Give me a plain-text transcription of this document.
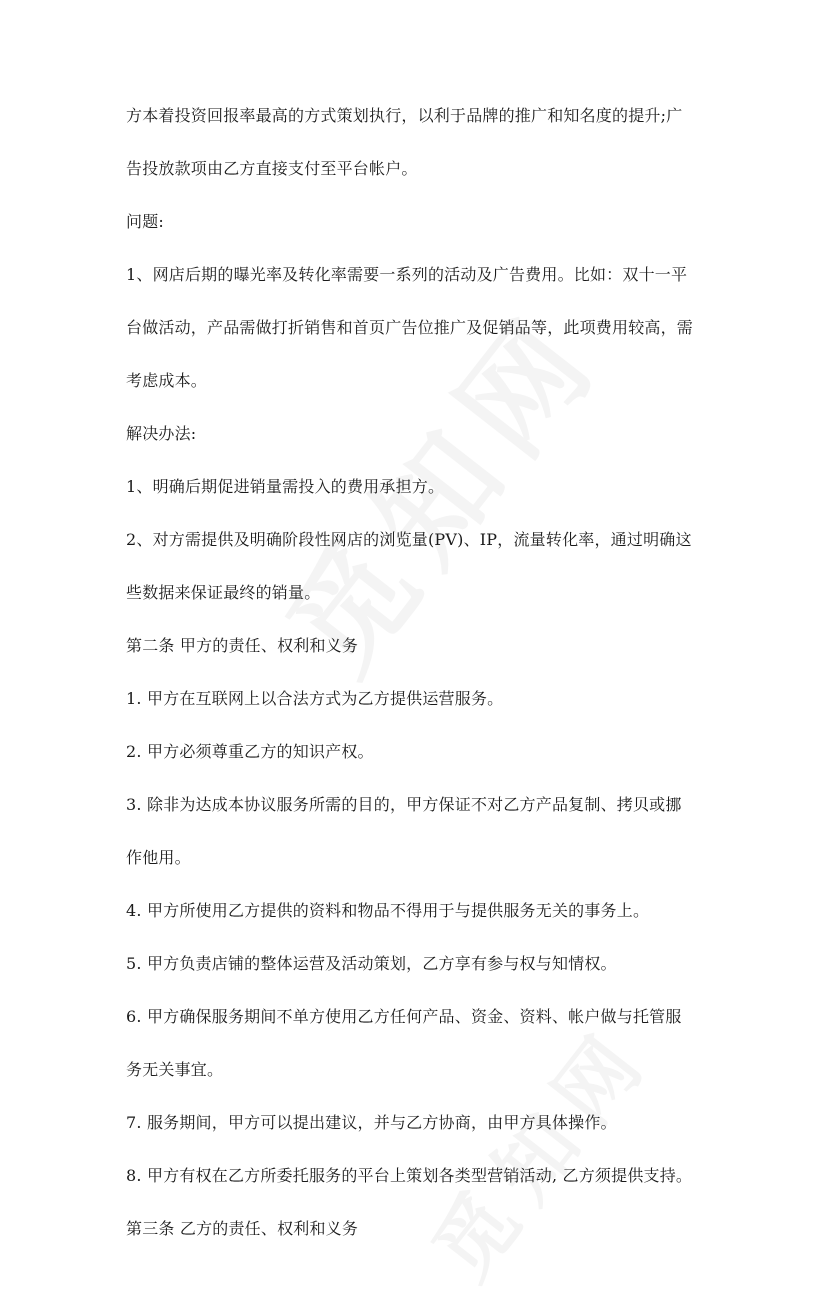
方本着投资回报率最高的方式策划执行，以利于品牌的推广和知名度的提升;广
告投放款项由乙方直接支付至平台帐户。
问题:
1、网店后期的曝光率及转化率需要一系列的活动及广告费用。比如：双十一平
台做活动，产品需做打折销售和首页广告位推广及促销品等，此项费用较高，需
考虑成本。
解决办法:
1、明确后期促进销量需投入的费用承担方。
2、对方需提供及明确阶段性网店的浏览量(PV)、IP，流量转化率，通过明确这
些数据来保证最终的销量。
第二条 甲方的责任、权利和义务
1. 甲方在互联网上以合法方式为乙方提供运营服务。
2. 甲方必须尊重乙方的知识产权。
3. 除非为达成本协议服务所需的目的，甲方保证不对乙方产品复制、拷贝或挪
作他用。
4. 甲方所使用乙方提供的资料和物品不得用于与提供服务无关的事务上。
5. 甲方负责店铺的整体运营及活动策划，乙方享有参与权与知情权。
6. 甲方确保服务期间不单方使用乙方任何产品、资金、资料、帐户做与托管服
务无关事宜。
7. 服务期间，甲方可以提出建议，并与乙方协商，由甲方具体操作。
8. 甲方有权在乙方所委托服务的平台上策划各类型营销活动, 乙方须提供支持。
第三条 乙方的责任、权利和义务
